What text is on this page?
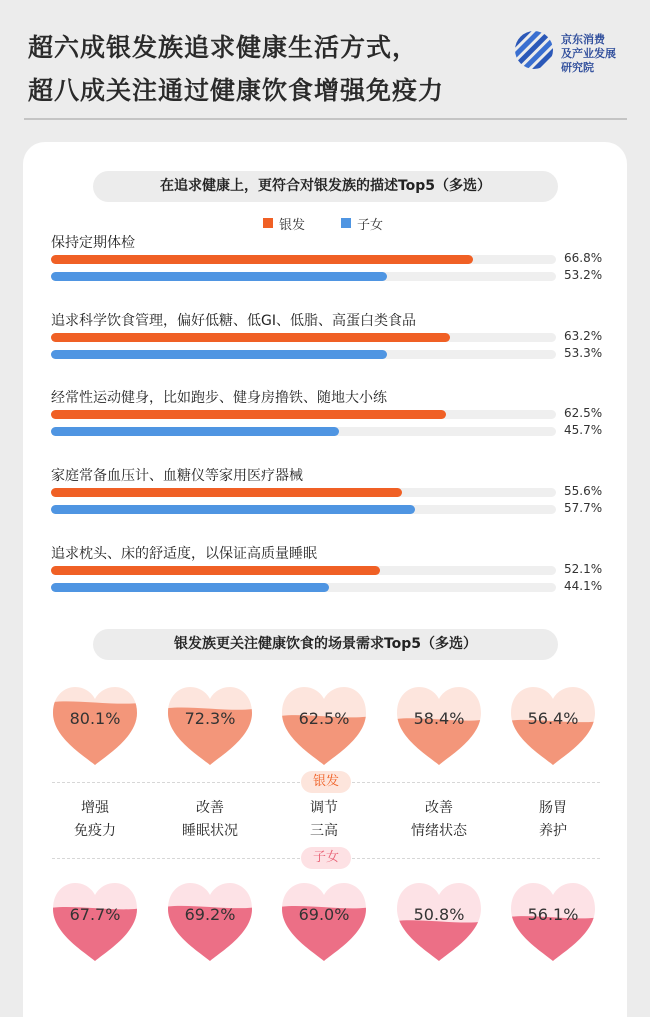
超六成银发族追求健康生活方式，
超八成关注通过健康饮食增强免疫力
京东消费
及产业发展
研究院
在追求健康上，更符合对银发族的描述Top5（多选）
银发	子女
保持定期体检
66.8%
53.2%
追求科学饮食管理，偏好低糖、低GI、低脂、高蛋白类食品
63.2%
53.3%
经常性运动健身，比如跑步、健身房撸铁、随地大小练
62.5%
45.7%
家庭常备血压计、血糖仪等家用医疗器械
55.6%
57.7%
追求枕头、床的舒适度，以保证高质量睡眠
52.1%
44.1%
银发族更关注健康饮食的场景需求Top5（多选）
80.1%	72.3%	62.5%	58.4%	56.4%
银发
增强
免疫力
改善
睡眠状况
调节
三高
改善
情绪状态
肠胃
养护
子女
67.7%	69.2%	69.0%	50.8%	56.1%
